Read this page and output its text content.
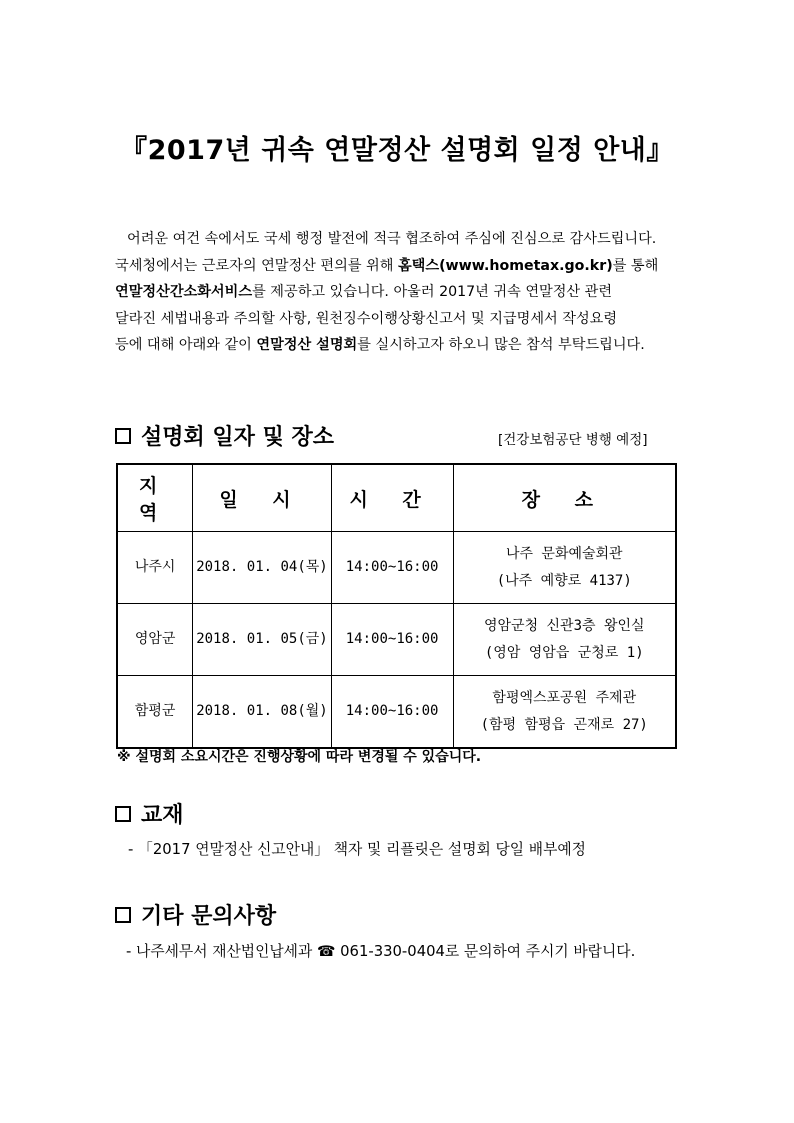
『2017년 귀속 연말정산 설명회 일정 안내』

어려운 여건 속에서도 국세 행정 발전에 적극 협조하여 주심에 진심으로 감사드립니다.
국세청에서는 근로자의 연말정산 편의를 위해 홈택스(www.hometax.go.kr)를 통해
연말정산간소화서비스를 제공하고 있습니다. 아울러 2017년 귀속 연말정산 관련
달라진 세법내용과 주의할 사항, 원천징수이행상황신고서 및 지급명세서 작성요령
등에 대해 아래와 같이 연말정산 설명회를 실시하고자 하오니 많은 참석 부탁드립니다.

설명회 일자 및 장소	[건강보험공단 병행 예정]
지 역	일 시	시 간	장 소
나주시	2018. 01. 04(목)	14:00~16:00	나주 문화예술회관
(나주 예향로 4137)

영암군	2018. 01. 05(금)	14:00~16:00	영암군청 신관3층 왕인실
(영암 영암읍 군청로 1)

함평군	2018. 01. 08(월)	14:00~16:00	함평엑스포공원 주제관
(함평 함평읍 곤재로 27)
※ 설명회 소요시간은 진행상황에 따라 변경될 수 있습니다.
교재
- 「2017 연말정산 신고안내」 책자 및 리플릿은 설명회 당일 배부예정
기타 문의사항
- 나주세무서 재산법인납세과 ☎ 061-330-0404로 문의하여 주시기 바랍니다.
